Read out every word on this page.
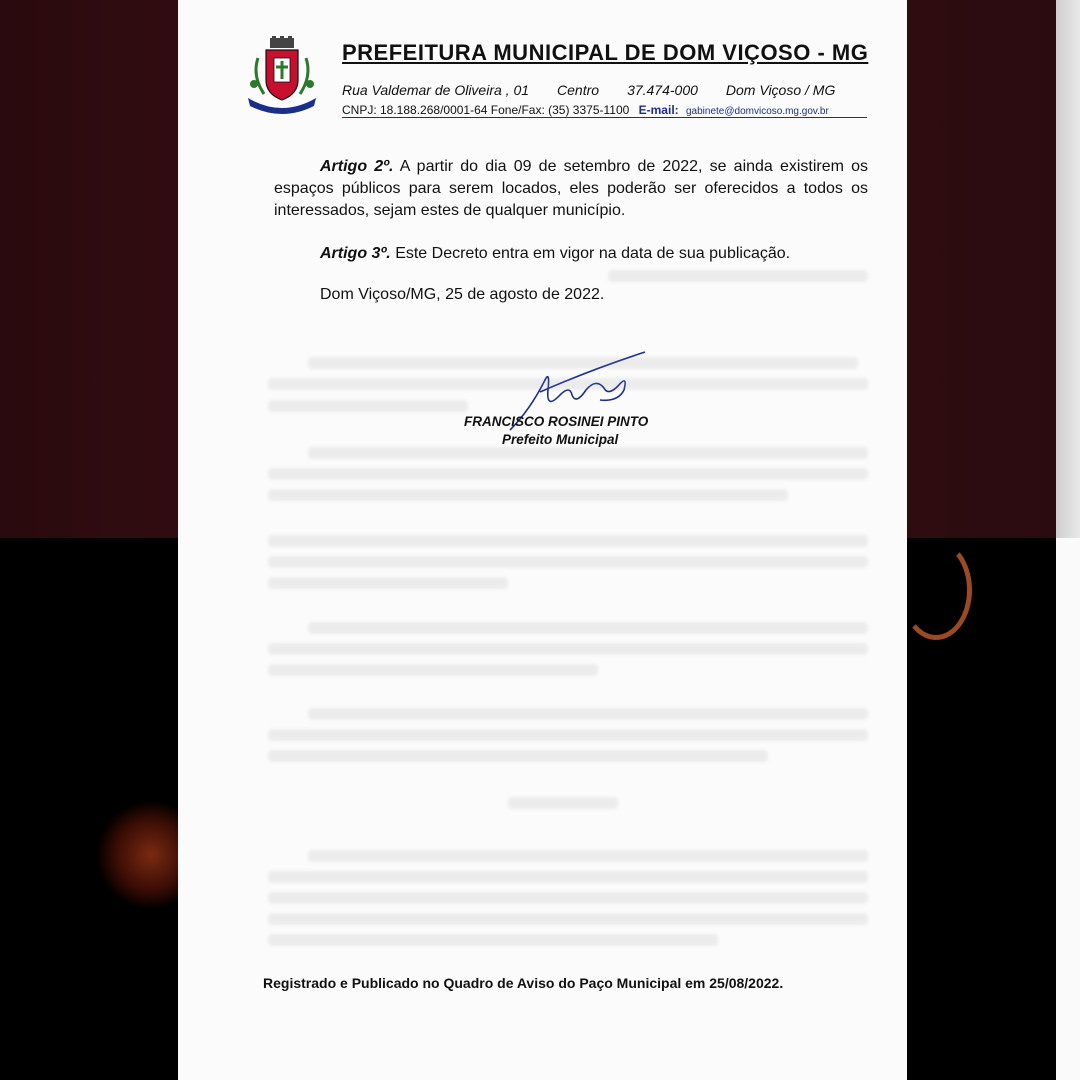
PREFEITURA MUNICIPAL DE DOM VIÇOSO - MG
Rua Valdemar de Oliveira , 01 Centro 37.474-000 Dom Viçoso / MG
CNPJ: 18.188.268/0001-64 Fone/Fax: (35) 3375-1100 E-mail: gabinete@domvicoso.mg.gov.br
Artigo 2º. A partir do dia 09 de setembro de 2022, se ainda existirem os espaços públicos para serem locados, eles poderão ser oferecidos a todos os interessados, sejam estes de qualquer município.
Artigo 3º. Este Decreto entra em vigor na data de sua publicação.
Dom Viçoso/MG, 25 de agosto de 2022.
FRANCISCO ROSINEI PINTO
Prefeito Municipal
Registrado e Publicado no Quadro de Aviso do Paço Municipal em 25/08/2022.
